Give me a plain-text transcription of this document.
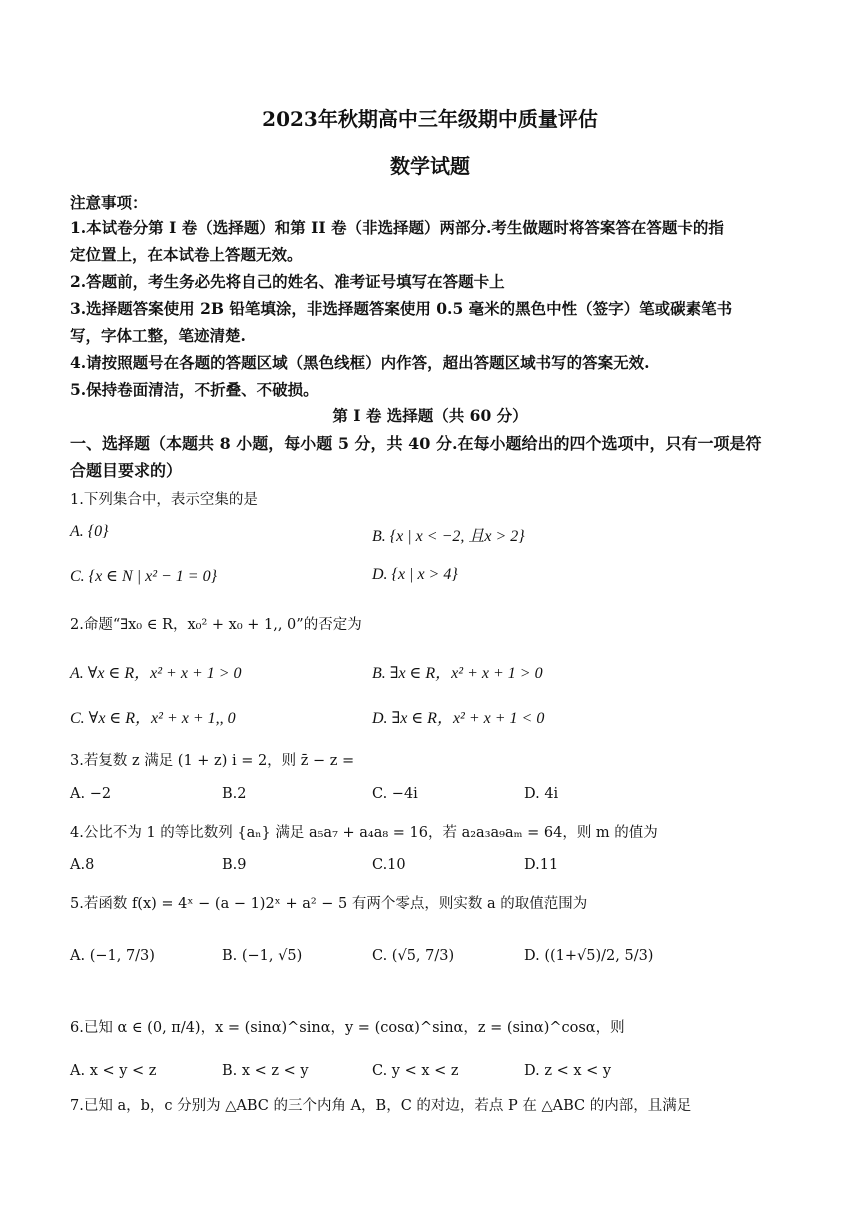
2023年秋期高中三年级期中质量评估
数学试题
注意事项：
1.本试卷分第 I 卷（选择题）和第 II 卷（非选择题）两部分.考生做题时将答案答在答题卡的指
定位置上，在本试卷上答题无效。
2.答题前，考生务必先将自己的姓名、准考证号填写在答题卡上
3.选择题答案使用 2B 铅笔填涂，非选择题答案使用 0.5 毫米的黑色中性（签字）笔或碳素笔书
写，字体工整，笔迹清楚.
4.请按照题号在各题的答题区域（黑色线框）内作答，超出答题区域书写的答案无效.
5.保持卷面清洁，不折叠、不破损。
第 I 卷 选择题（共 60 分）
一、选择题（本题共 8 小题，每小题 5 分，共 40 分.在每小题给出的四个选项中，只有一项是符
合题目要求的）
1.下列集合中，表示空集的是
A. {0}	B. {x | x < −2, 且x > 2}
C. {x ∈ N | x² − 1 = 0}	D. {x | x > 4}
2.命题“∃x₀ ∈ R，x₀² + x₀ + 1,, 0”的否定为
A. ∀x ∈ R，x² + x + 1 > 0	B. ∃x ∈ R，x² + x + 1 > 0
C. ∀x ∈ R，x² + x + 1,, 0	D. ∃x ∈ R，x² + x + 1 < 0
3.若复数 z 满足 (1 + z) i = 2，则 z̄ − z =
A. −2	B.2	C. −4i	D. 4i
4.公比不为 1 的等比数列 {aₙ} 满足 a₅a₇ + a₄a₈ = 16，若 a₂a₃a₉aₘ = 64，则 m 的值为
A.8	B.9	C.10	D.11
5.若函数 f(x) = 4ˣ − (a − 1)2ˣ + a² − 5 有两个零点，则实数 a 的取值范围为
A. (−1, 7/3)	B. (−1, √5)	C. (√5, 7/3)	D. ((1+√5)/2, 5/3)
6.已知 α ∈ (0, π/4)，x = (sinα)^sinα，y = (cosα)^sinα，z = (sinα)^cosα，则
A. x < y < z	B. x < z < y	C. y < x < z	D. z < x < y
7.已知 a，b，c 分别为 △ABC 的三个内角 A，B，C 的对边，若点 P 在 △ABC 的内部，且满足
